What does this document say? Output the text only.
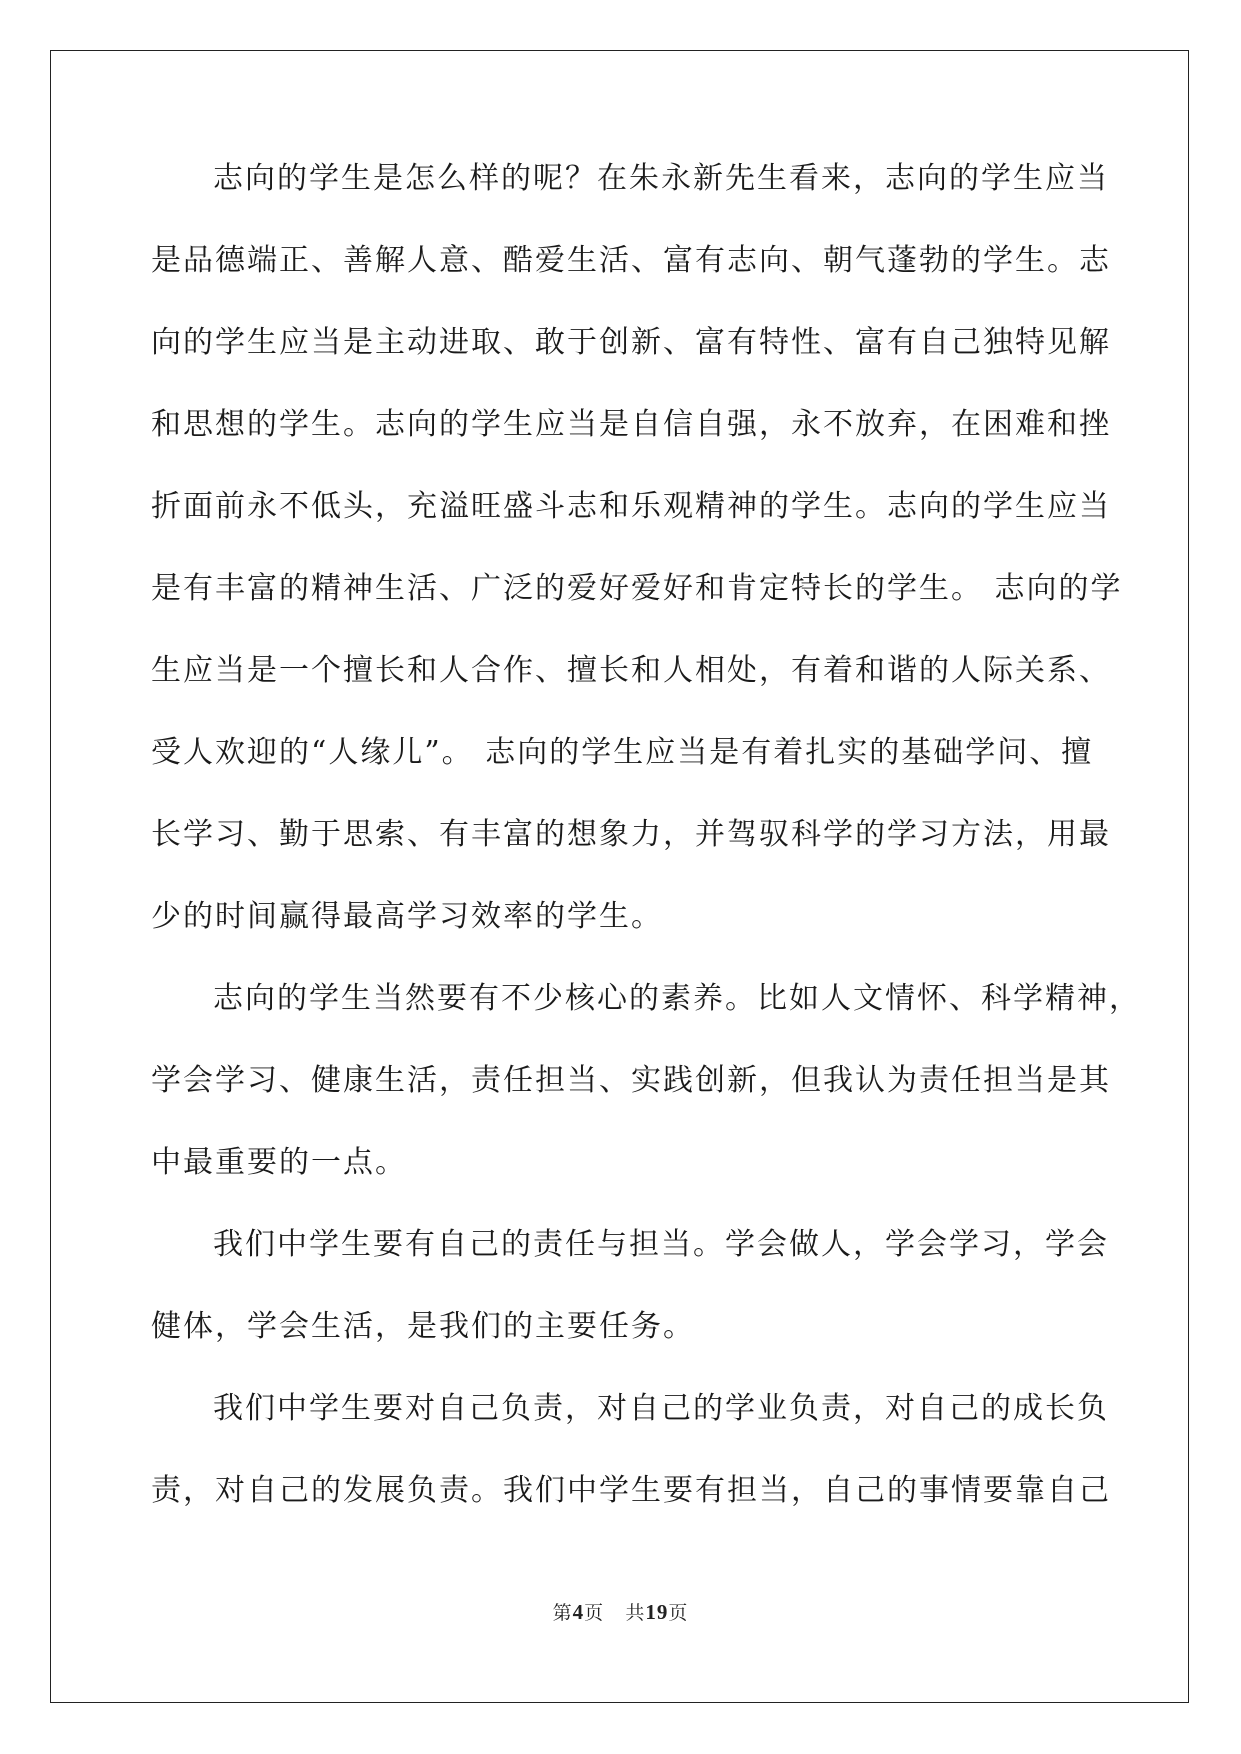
志向的学生是怎么样的呢？在朱永新先生看来，志向的学生应当
是品德端正、善解人意、酷爱生活、富有志向、朝气蓬勃的学生。志
向的学生应当是主动进取、敢于创新、富有特性、富有自己独特见解
和思想的学生。志向的学生应当是自信自强，永不放弃，在困难和挫
折面前永不低头，充溢旺盛斗志和乐观精神的学生。志向的学生应当
是有丰富的精神生活、广泛的爱好爱好和肯定特长的学生。 志向的学
生应当是一个擅长和人合作、擅长和人相处，有着和谐的人际关系、
受人欢迎的“人缘儿”。 志向的学生应当是有着扎实的基础学问、擅
长学习、勤于思索、有丰富的想象力，并驾驭科学的学习方法，用最
少的时间赢得最高学习效率的学生。
志向的学生当然要有不少核心的素养。比如人文情怀、科学精神，
学会学习、健康生活，责任担当、实践创新，但我认为责任担当是其
中最重要的一点。
我们中学生要有自己的责任与担当。学会做人，学会学习，学会
健体，学会生活，是我们的主要任务。
我们中学生要对自己负责，对自己的学业负责，对自己的成长负
责，对自己的发展负责。我们中学生要有担当，自己的事情要靠自己
第4页 共19页
